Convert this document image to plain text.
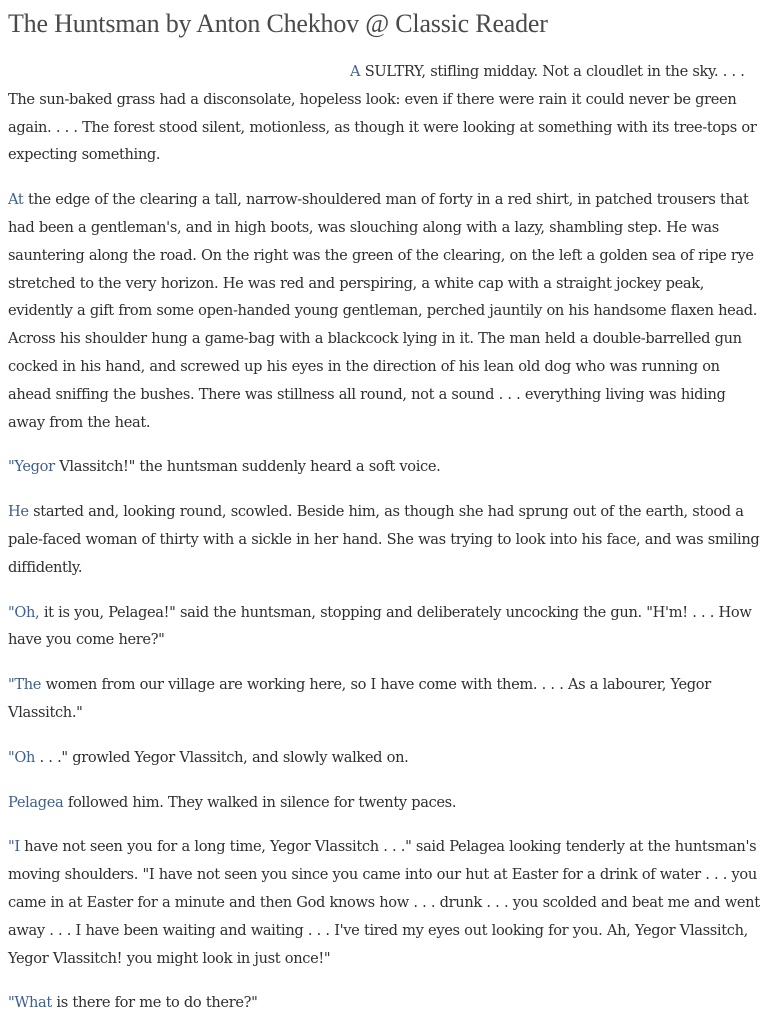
The Huntsman by Anton Chekhov @ Classic Reader

A SULTRY, stifling midday. Not a cloudlet in the sky. . . . The sun-baked grass had a disconsolate, hopeless look: even if there were rain it could never be green again. . . . The forest stood silent, motionless, as though it were looking at something with its tree-tops or expecting something.

At the edge of the clearing a tall, narrow-shouldered man of forty in a red shirt, in patched trousers that had been a gentleman's, and in high boots, was slouching along with a lazy, shambling step. He was sauntering along the road. On the right was the green of the clearing, on the left a golden sea of ripe rye stretched to the very horizon. He was red and perspiring, a white cap with a straight jockey peak, evidently a gift from some open-handed young gentleman, perched jauntily on his handsome flaxen head. Across his shoulder hung a game-bag with a blackcock lying in it. The man held a double-barrelled gun cocked in his hand, and screwed up his eyes in the direction of his lean old dog who was running on ahead sniffing the bushes. There was stillness all round, not a sound . . . everything living was hiding away from the heat.

"Yegor Vlassitch!" the huntsman suddenly heard a soft voice.

He started and, looking round, scowled. Beside him, as though she had sprung out of the earth, stood a pale-faced woman of thirty with a sickle in her hand. She was trying to look into his face, and was smiling diffidently.

"Oh, it is you, Pelagea!" said the huntsman, stopping and deliberately uncocking the gun. "H'm! . . . How have you come here?"

"The women from our village are working here, so I have come with them. . . . As a labourer, Yegor Vlassitch."

"Oh . . ." growled Yegor Vlassitch, and slowly walked on.

Pelagea followed him. They walked in silence for twenty paces.

"I have not seen you for a long time, Yegor Vlassitch . . ." said Pelagea looking tenderly at the huntsman's moving shoulders. "I have not seen you since you came into our hut at Easter for a drink of water . . . you came in at Easter for a minute and then God knows how . . . drunk . . . you scolded and beat me and went away . . . I have been waiting and waiting . . . I've tired my eyes out looking for you. Ah, Yegor Vlassitch, Yegor Vlassitch! you might look in just once!"

"What is there for me to do there?"
